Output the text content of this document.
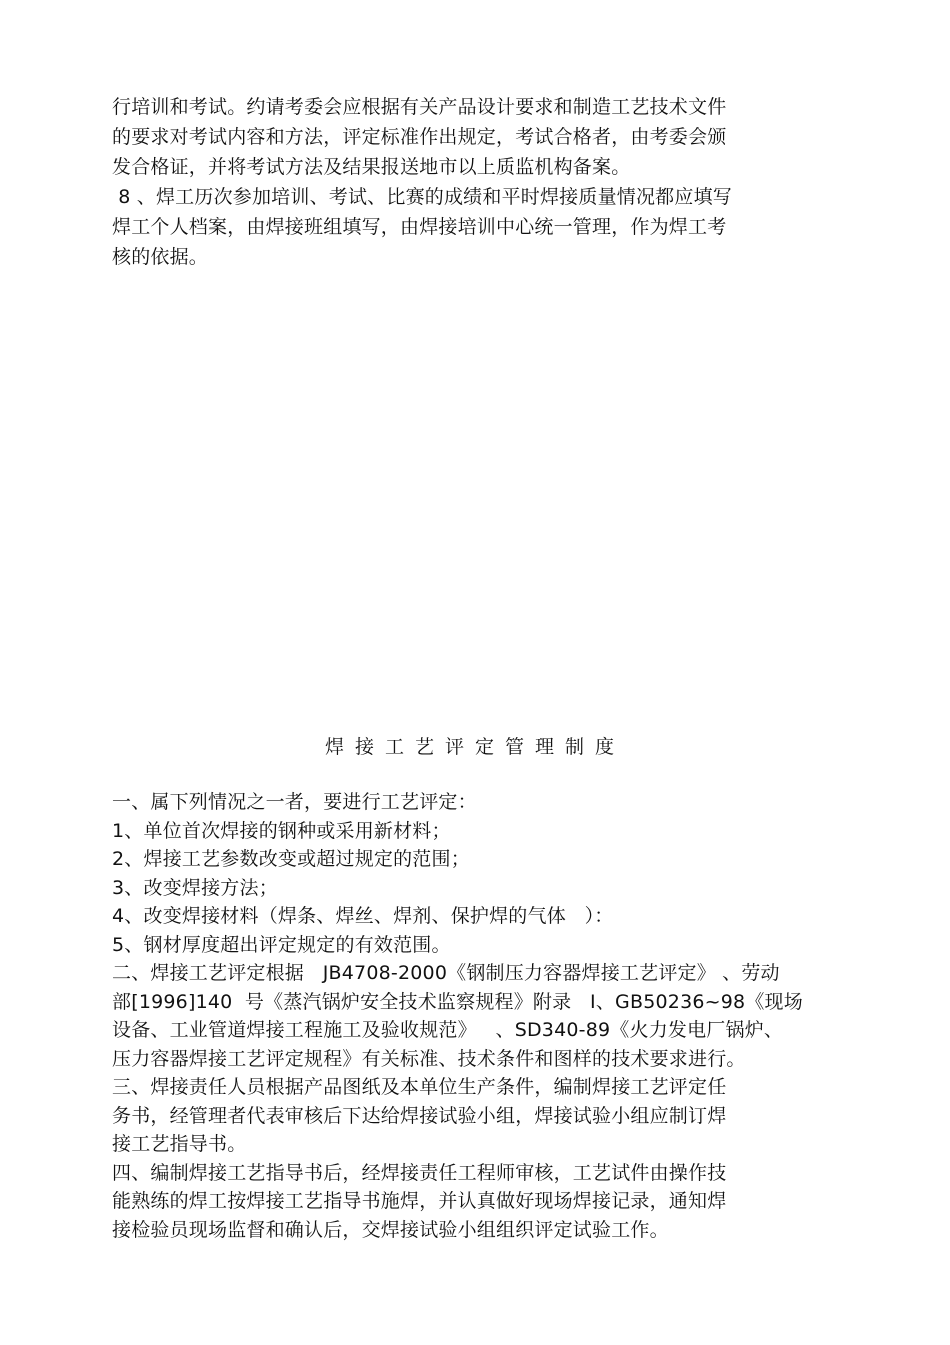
行培训和考试。约请考委会应根据有关产品设计要求和制造工艺技术文件
的要求对考试内容和方法，评定标准作出规定，考试合格者，由考委会颁
发合格证，并将考试方法及结果报送地市以上质监机构备案。
8 、焊工历次参加培训、考试、比赛的成绩和平时焊接质量情况都应填写
焊工个人档案，由焊接班组填写，由焊接培训中心统一管理，作为焊工考
核的依据。
焊接工艺评定管理制度
一、属下列情况之一者，要进行工艺评定：
1、单位首次焊接的钢种或采用新材料；
2、焊接工艺参数改变或超过规定的范围；
3、改变焊接方法；
4、改变焊接材料（焊条、焊丝、焊剂、保护焊的气体   ）：
5、钢材厚度超出评定规定的有效范围。
二、焊接工艺评定根据   JB4708-2000《钢制压力容器焊接工艺评定》 、劳动
部[1996]140  号《蒸汽锅炉安全技术监察规程》附录   Ⅰ、GB50236~98《现场
设备、工业管道焊接工程施工及验收规范》   、SD340-89《火力发电厂锅炉、
压力容器焊接工艺评定规程》有关标准、技术条件和图样的技术要求进行。
三、焊接责任人员根据产品图纸及本单位生产条件，编制焊接工艺评定任
务书，经管理者代表审核后下达给焊接试验小组，焊接试验小组应制订焊
接工艺指导书。
四、编制焊接工艺指导书后，经焊接责任工程师审核，工艺试件由操作技
能熟练的焊工按焊接工艺指导书施焊，并认真做好现场焊接记录，通知焊
接检验员现场监督和确认后，交焊接试验小组组织评定试验工作。
